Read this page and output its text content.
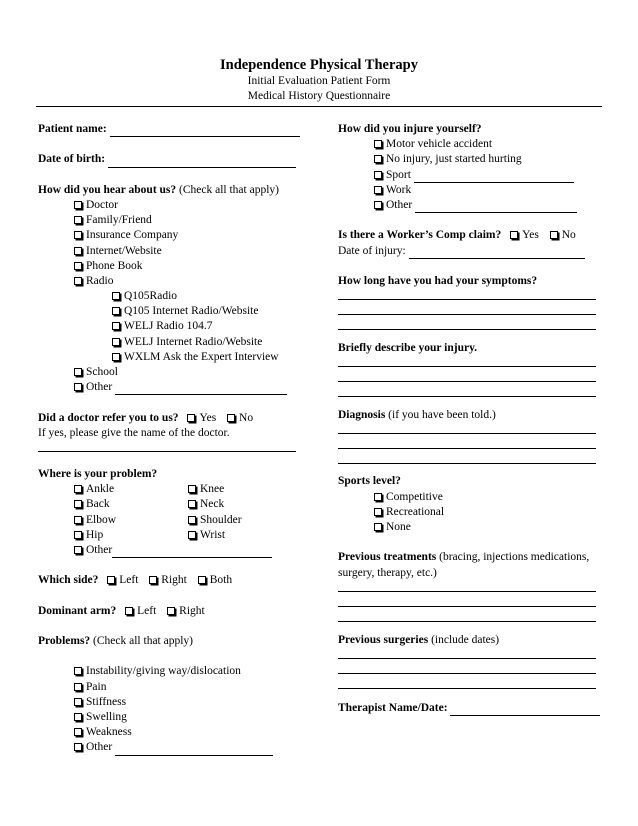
Independence Physical Therapy
Initial Evaluation Patient Form
Medical History Questionnaire
Patient name:
Date of birth:
How did you hear about us? (Check all that apply)
Doctor
Family/Friend
Insurance Company
Internet/Website
Phone Book
Radio
Q105Radio
Q105 Internet Radio/Website
WELJ Radio 104.7
WELJ Internet Radio/Website
WXLM Ask the Expert Interview
School
Other
Did a doctor refer you to us? Yes No
If yes, please give the name of the doctor.
Where is your problem?
Ankle
Back
Elbow
Hip
Other
Knee
Neck
Shoulder
Wrist
Which side? Left Right Both
Dominant arm? Left Right
Problems? (Check all that apply)
Instability/giving way/dislocation
Pain
Stiffness
Swelling
Weakness
Other
How did you injure yourself?
Motor vehicle accident
No injury, just started hurting
Sport
Work
Other
Is there a Worker’s Comp claim? Yes No
Date of injury:
How long have you had your symptoms?
Briefly describe your injury.
Diagnosis (if you have been told.)
Sports level?
Competitive
Recreational
None
Previous treatments (bracing, injections medications,
surgery, therapy, etc.)
Previous surgeries (include dates)
Therapist Name/Date:
